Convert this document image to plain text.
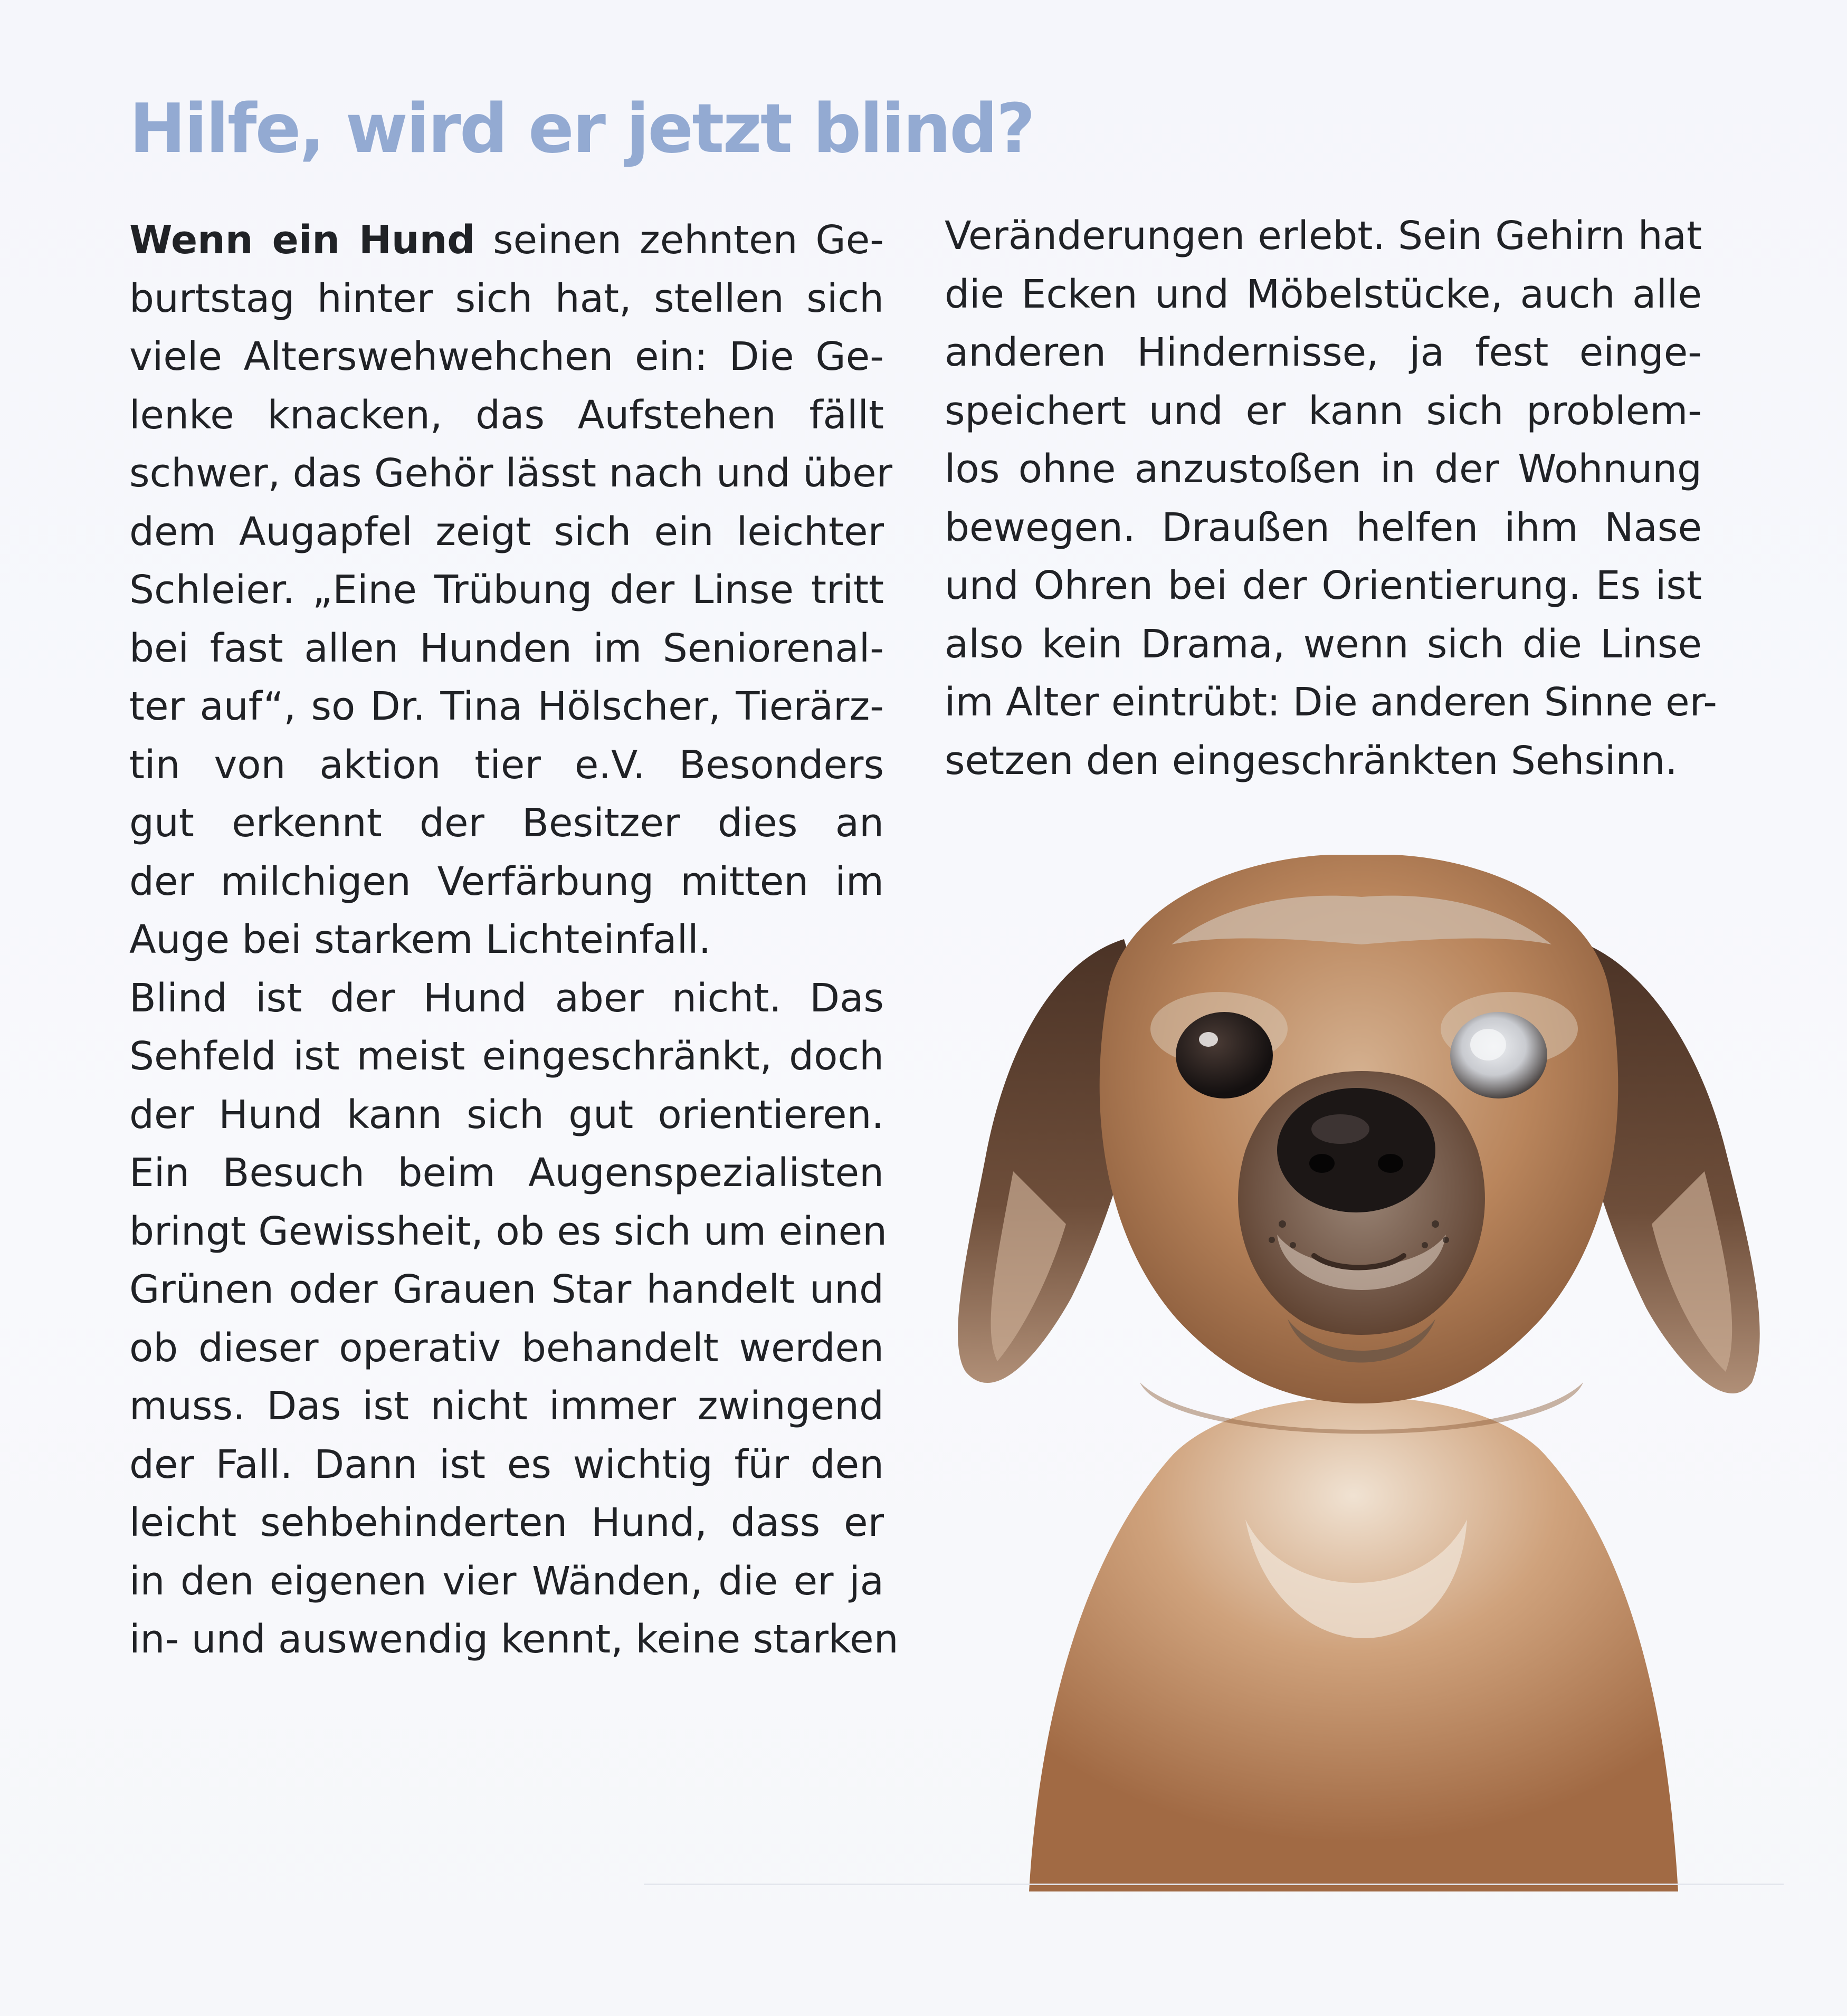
Hilfe, wird er jetzt blind?
Wenn ein Hund seinen zehnten Ge-
burtstag hinter sich hat, stellen sich
viele Alterswehwehchen ein: Die Ge-
lenke knacken, das Aufstehen fällt
schwer, das Gehör lässt nach und über
dem Augapfel zeigt sich ein leichter
Schleier. „Eine Trübung der Linse tritt
bei fast allen Hunden im Seniorenal-
ter auf“, so Dr. Tina Hölscher, Tierärz-
tin von aktion tier e.V. Besonders
gut erkennt der Besitzer dies an
der milchigen Verfärbung mitten im
Auge bei starkem Lichteinfall.
Blind ist der Hund aber nicht. Das
Sehfeld ist meist eingeschränkt, doch
der Hund kann sich gut orientieren.
Ein Besuch beim Augenspezialisten
bringt Gewissheit, ob es sich um einen
Grünen oder Grauen Star handelt und
ob dieser operativ behandelt werden
muss. Das ist nicht immer zwingend
der Fall. Dann ist es wichtig für den
leicht sehbehinderten Hund, dass er
in den eigenen vier Wänden, die er ja
in- und auswendig kennt, keine starken
Veränderungen erlebt. Sein Gehirn hat
die Ecken und Möbelstücke, auch alle
anderen Hindernisse, ja fest einge-
speichert und er kann sich problem-
los ohne anzustoßen in der Wohnung
bewegen. Draußen helfen ihm Nase
und Ohren bei der Orientierung. Es ist
also kein Drama, wenn sich die Linse
im Alter eintrübt: Die anderen Sinne er-
setzen den eingeschränkten Sehsinn.
